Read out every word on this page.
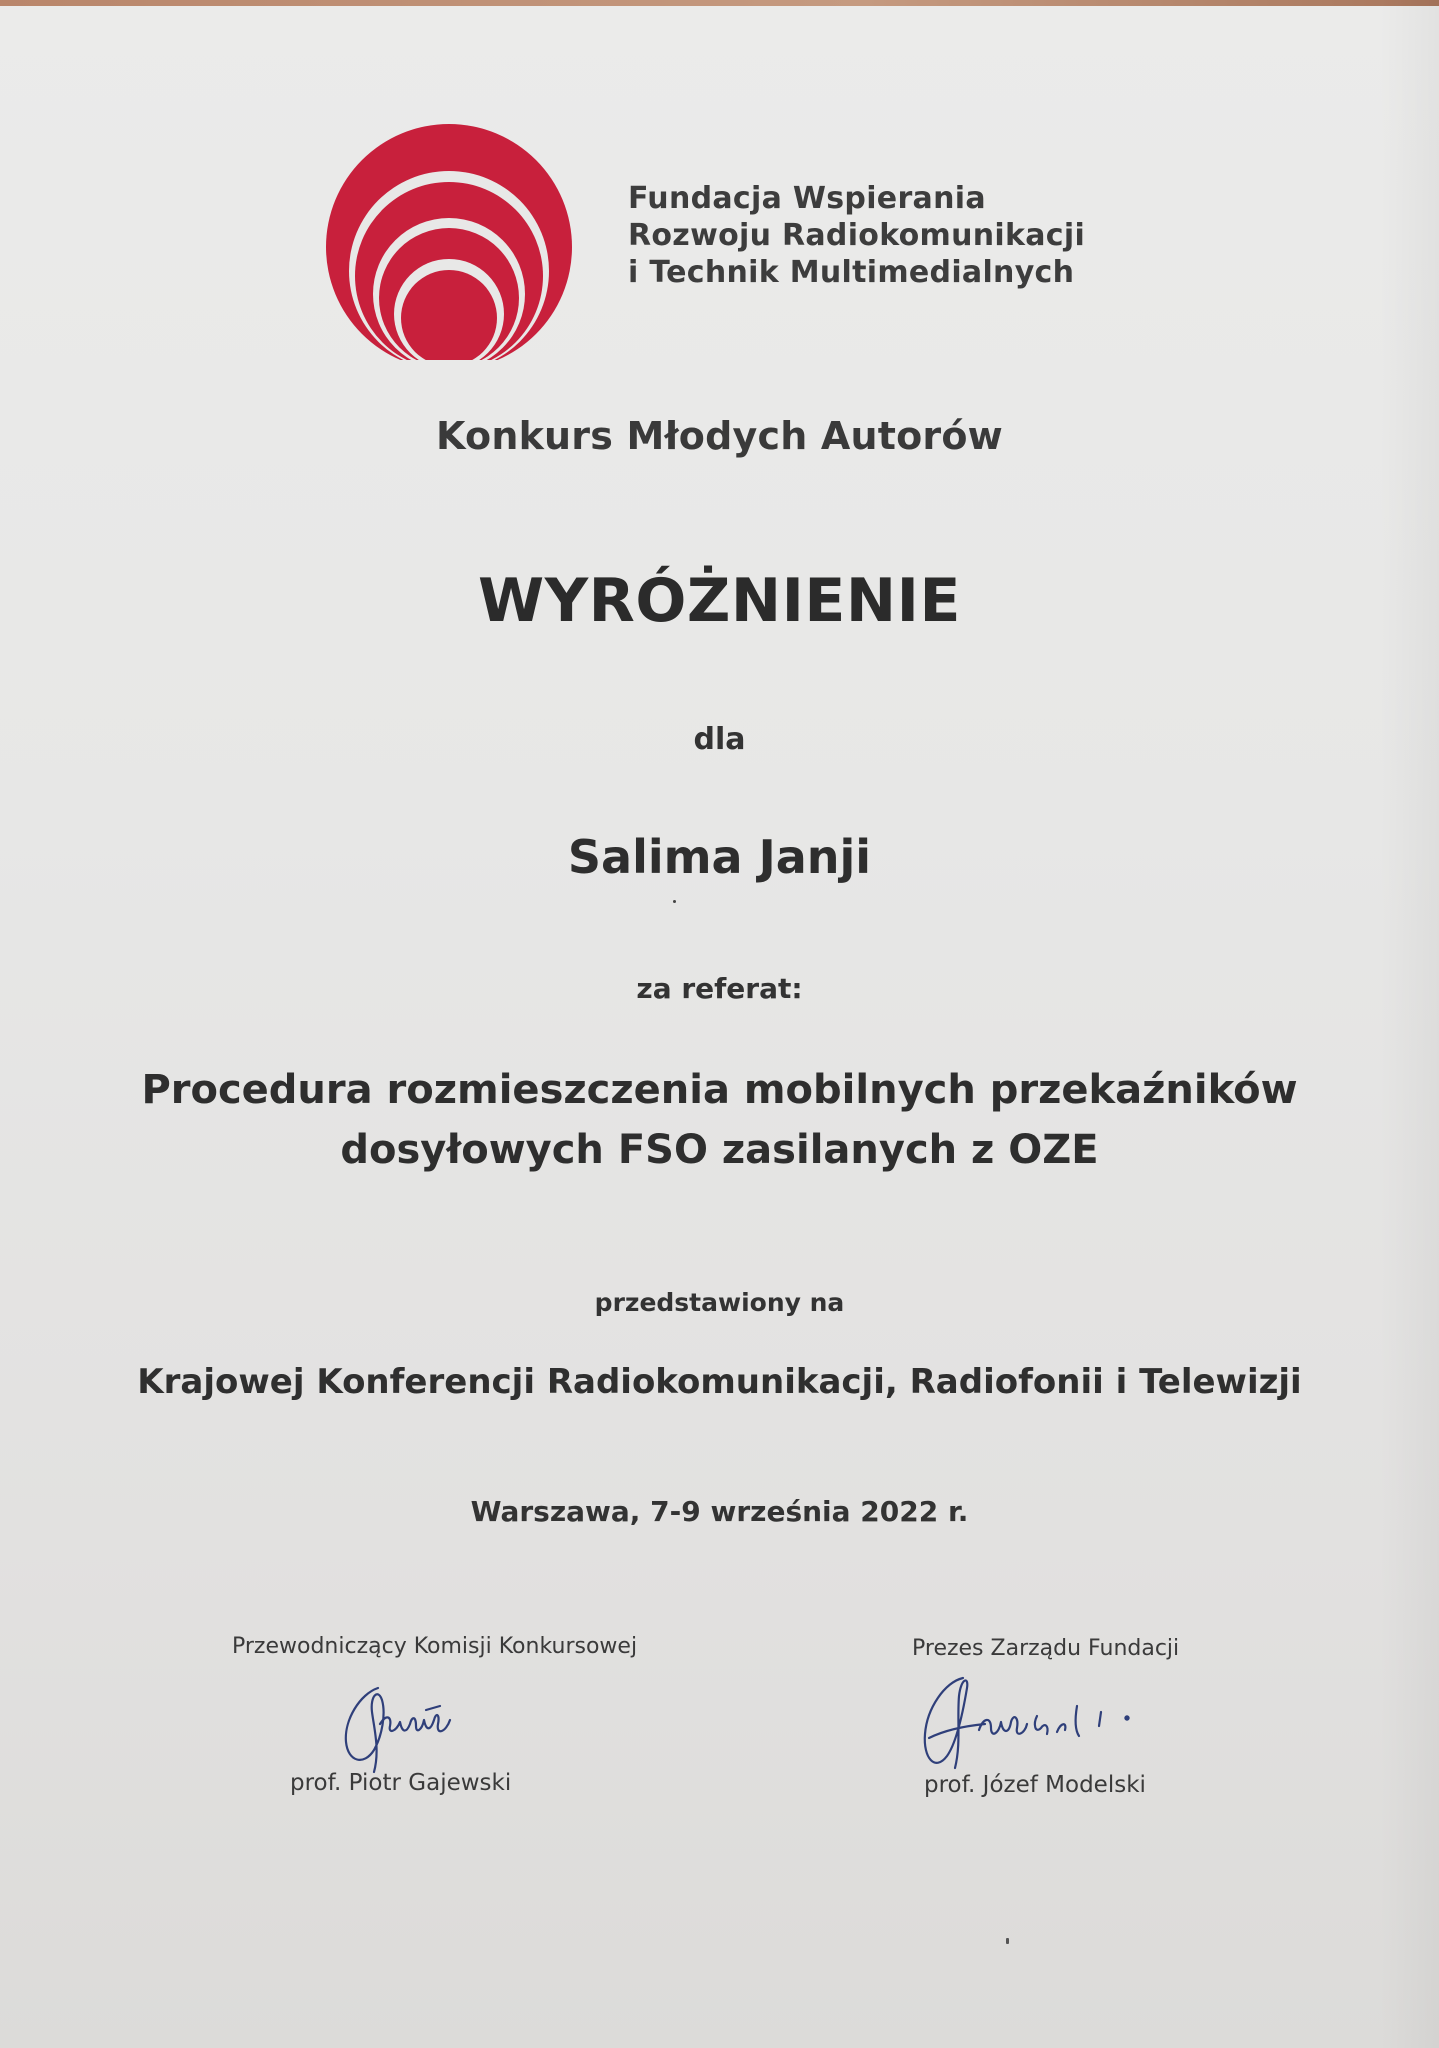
Fundacja Wspierania
Rozwoju Radiokomunikacji
i Technik Multimedialnych
Konkurs Młodych Autorów
WYRÓŻNIENIE
dla
Salima Janji
za referat:
Procedura rozmieszczenia mobilnych przekaźników
dosyłowych FSO zasilanych z OZE
przedstawiony na
Krajowej Konferencji Radiokomunikacji, Radiofonii i Telewizji
Warszawa, 7-9 września 2022 r.
Przewodniczący Komisji Konkursowej
prof. Piotr Gajewski
Prezes Zarządu Fundacji
prof. Józef Modelski
